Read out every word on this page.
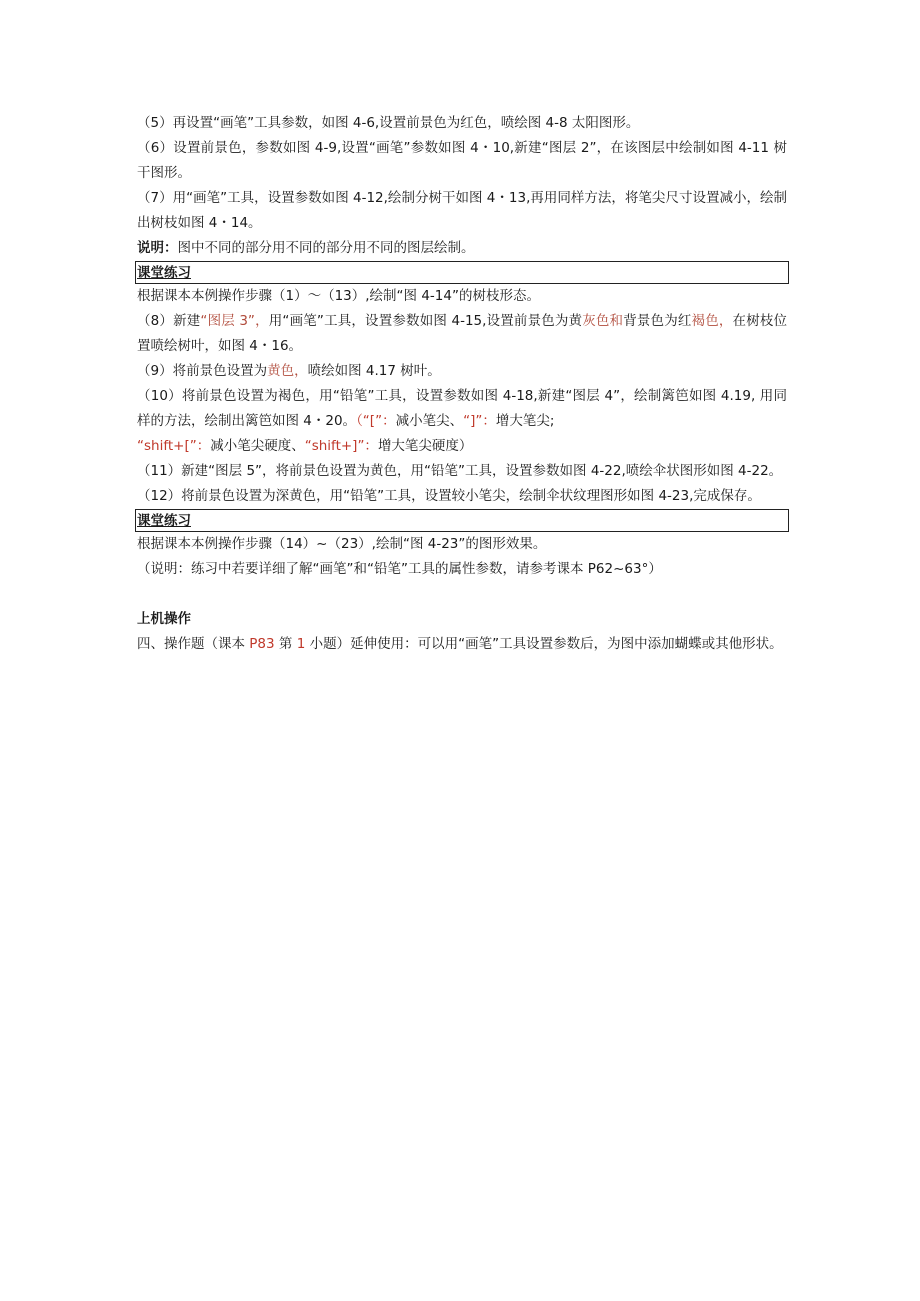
（5）再设置“画笔”工具参数，如图 4-6,设置前景色为红色，喷绘图 4-8 太阳图形。

（6）设置前景色，参数如图 4-9,设置“画笔”参数如图 4・10,新建“图层 2”，在该图层中绘制如图 4-11 树干图形。

（7）用“画笔”工具，设置参数如图 4-12,绘制分树干如图 4・13,再用同样方法，将笔尖尺寸设置减小，绘制出树枝如图 4・14。

说明：图中不同的部分用不同的部分用不同的图层绘制。

课堂练习

根据课本本例操作步骤（1）～（13）,绘制“图 4-14”的树枝形态。

（8）新建“图层 3”，用“画笔”工具，设置参数如图 4-15,设置前景色为黄灰色和背景色为红褐色，在树枝位置喷绘树叶，如图 4・16。

（9）将前景色设置为黄色，喷绘如图 4.17 树叶。

（10）将前景色设置为褐色，用“铅笔”工具，设置参数如图 4-18,新建“图层 4”，绘制篱笆如图 4.19, 用同样的方法，绘制出篱笆如图 4・20。（“[”：减小笔尖、“]”：增大笔尖;
“shift+[”：减小笔尖硬度、“shift+]”：增大笔尖硬度）

（11）新建“图层 5”，将前景色设置为黄色，用“铅笔”工具，设置参数如图 4-22,喷绘伞状图形如图 4-22。

（12）将前景色设置为深黄色，用“铅笔”工具，设置较小笔尖，绘制伞状纹理图形如图 4-23,完成保存。

课堂练习

根据课本本例操作步骤（14）~（23）,绘制“图 4-23”的图形效果。

（说明：练习中若要详细了解“画笔”和“铅笔”工具的属性参数，请参考课本 P62~63°）

上机操作

四、操作题（课本 P83 第 1 小题）延伸使用：可以用“画笔”工具设置参数后，为图中添加蝴蝶或其他形状。
